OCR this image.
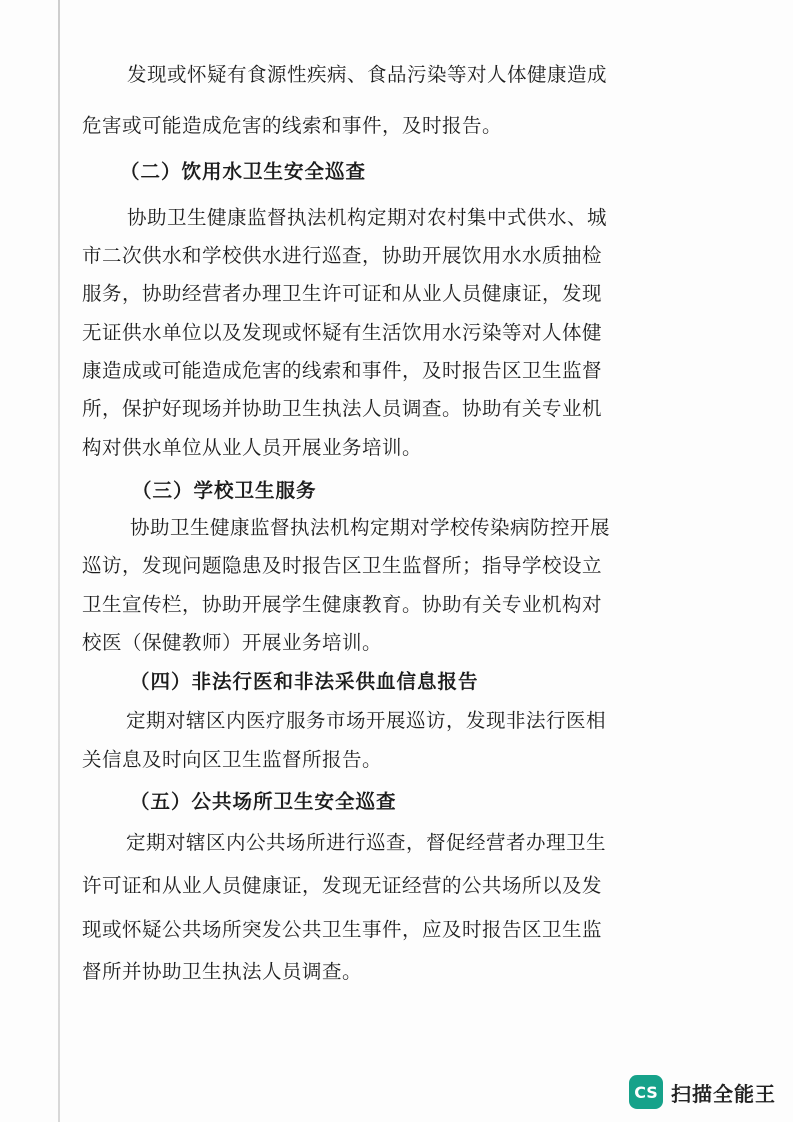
发现或怀疑有食源性疾病、食品污染等对人体健康造成
危害或可能造成危害的线索和事件，及时报告。
（二）饮用水卫生安全巡查
协助卫生健康监督执法机构定期对农村集中式供水、城
市二次供水和学校供水进行巡查，协助开展饮用水水质抽检
服务，协助经营者办理卫生许可证和从业人员健康证，发现
无证供水单位以及发现或怀疑有生活饮用水污染等对人体健
康造成或可能造成危害的线索和事件，及时报告区卫生监督
所，保护好现场并协助卫生执法人员调查。协助有关专业机
构对供水单位从业人员开展业务培训。
（三）学校卫生服务
协助卫生健康监督执法机构定期对学校传染病防控开展
巡访，发现问题隐患及时报告区卫生监督所；指导学校设立
卫生宣传栏，协助开展学生健康教育。协助有关专业机构对
校医（保健教师）开展业务培训。
（四）非法行医和非法采供血信息报告
定期对辖区内医疗服务市场开展巡访，发现非法行医相
关信息及时向区卫生监督所报告。
（五）公共场所卫生安全巡查
定期对辖区内公共场所进行巡查，督促经营者办理卫生
许可证和从业人员健康证，发现无证经营的公共场所以及发
现或怀疑公共场所突发公共卫生事件，应及时报告区卫生监
督所并协助卫生执法人员调查。
CS 扫描全能王
